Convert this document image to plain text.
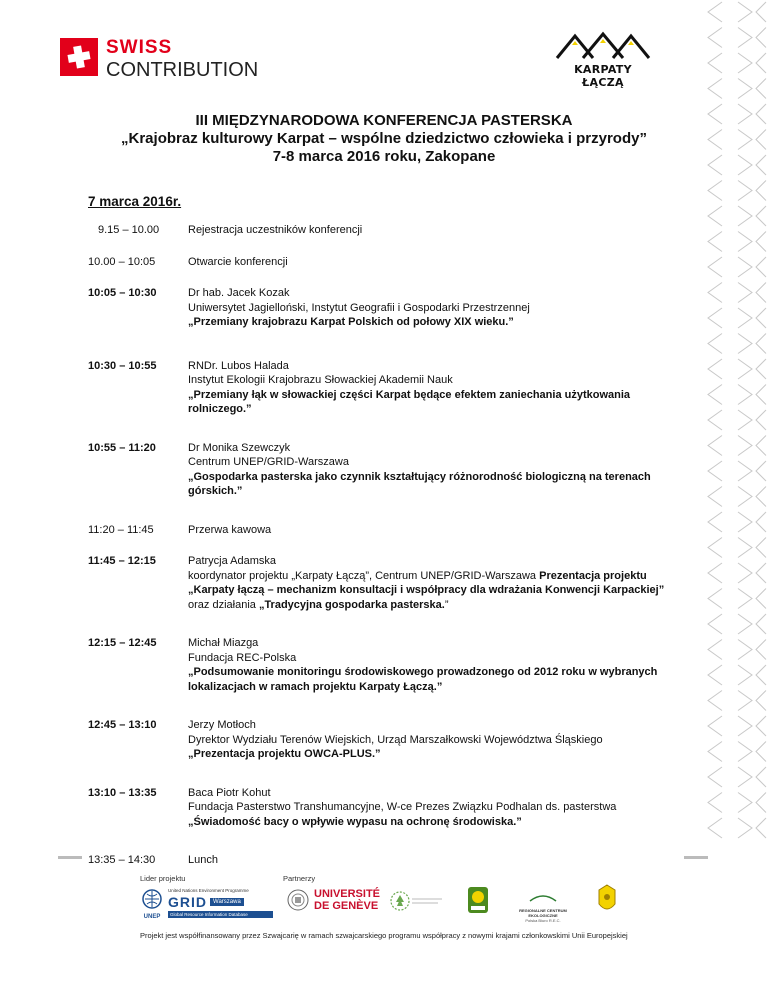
SWISS
CONTRIBUTION	KARPATY ŁĄCZĄ
III MIĘDZYNARODOWA KONFERENCJA PASTERSKA
„Krajobraz kulturowy Karpat – wspólne dziedzictwo człowieka i przyrody”
7-8 marca 2016 roku, Zakopane
7 marca 2016r.
9.15 – 10.00	Rejestracja uczestników konferencji
10.00 – 10:05	Otwarcie konferencji
10:05 – 10:30	Dr hab. Jacek Kozak
Uniwersytet Jagielloński, Instytut Geografii i Gospodarki Przestrzennej
„Przemiany krajobrazu Karpat Polskich od połowy XIX wieku.”
10:30 – 10:55	RNDr. Lubos Halada
Instytut Ekologii Krajobrazu Słowackiej Akademii Nauk
„Przemiany łąk w słowackiej części Karpat będące efektem zaniechania użytkowania rolniczego.”
10:55 – 11:20	Dr Monika Szewczyk
Centrum UNEP/GRID-Warszawa
„Gospodarka pasterska jako czynnik kształtujący różnorodność biologiczną na terenach górskich.”
11:20 – 11:45	Przerwa kawowa
11:45 – 12:15	Patrycja Adamska
koordynator projektu „Karpaty Łączą”, Centrum UNEP/GRID-Warszawa Prezentacja projektu „Karpaty łączą – mechanizm konsultacji i współpracy dla wdrażania Konwencji Karpackiej” oraz działania „Tradycyjna gospodarka pasterska.”
12:15 – 12:45	Michał Miazga
Fundacja REC-Polska
„Podsumowanie monitoringu środowiskowego prowadzonego od 2012 roku w wybranych lokalizacjach w ramach projektu Karpaty Łączą.”
12:45 – 13:10	Jerzy Motłoch
Dyrektor Wydziału Terenów Wiejskich, Urząd Marszałkowski Województwa Śląskiego
„Prezentacja projektu OWCA-PLUS.”
13:10 – 13:35	Baca Piotr Kohut
Fundacja Pasterstwo Transhumancyjne, W-ce Prezes Związku Podhalan ds. pasterstwa
„Świadomość bacy o wpływie wypasu na ochronę środowiska.”
13:35 – 14:30	Lunch
Lider projektu	Partnerzy
UNEP
United Nations Environment Programme
GRID	Warszawa
Global Resource Information Database
UNIVERSITÉ
DE GENÈVE	REGIONALNE CENTRUM EKOLOGICZNE
Polska Biuro R.E.C.
Projekt jest współfinansowany przez Szwajcarię w ramach szwajcarskiego programu współpracy z nowymi krajami członkowskimi Unii Europejskiej
